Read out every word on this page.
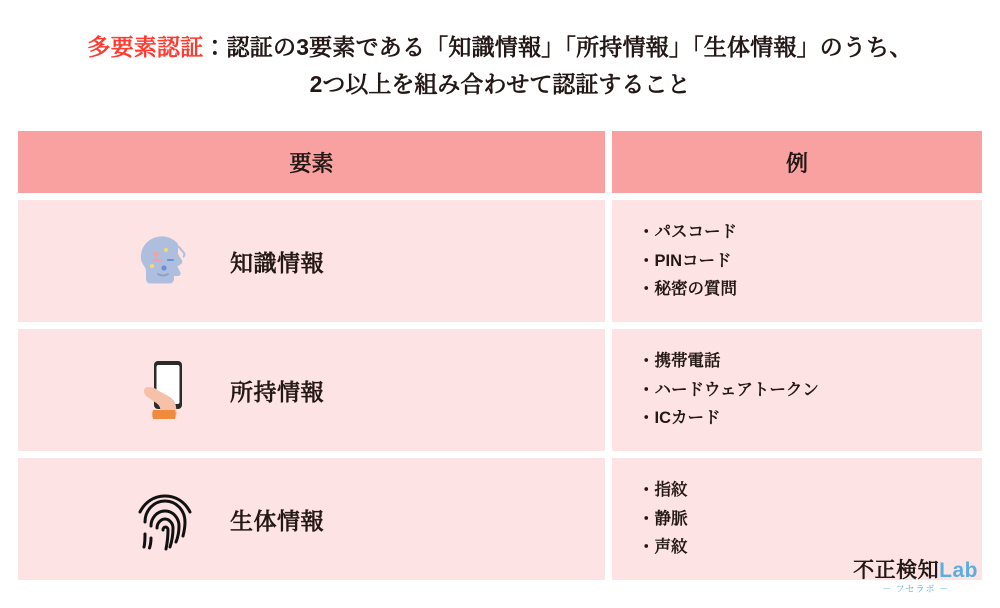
多要素認証：認証の3要素である「知識情報」「所持情報」「生体情報」のうち、
2つ以上を組み合わせて認証すること
要素	例
知識情報
・ パスコード
・ PINコード
・ 秘密の質問
所持情報
・ 携帯電話
・ ハードウェアトークン
・ ICカード
生体情報
・ 指紋
・ 静脈
・ 声紋
不正検知Lab
－ フセラボ －
